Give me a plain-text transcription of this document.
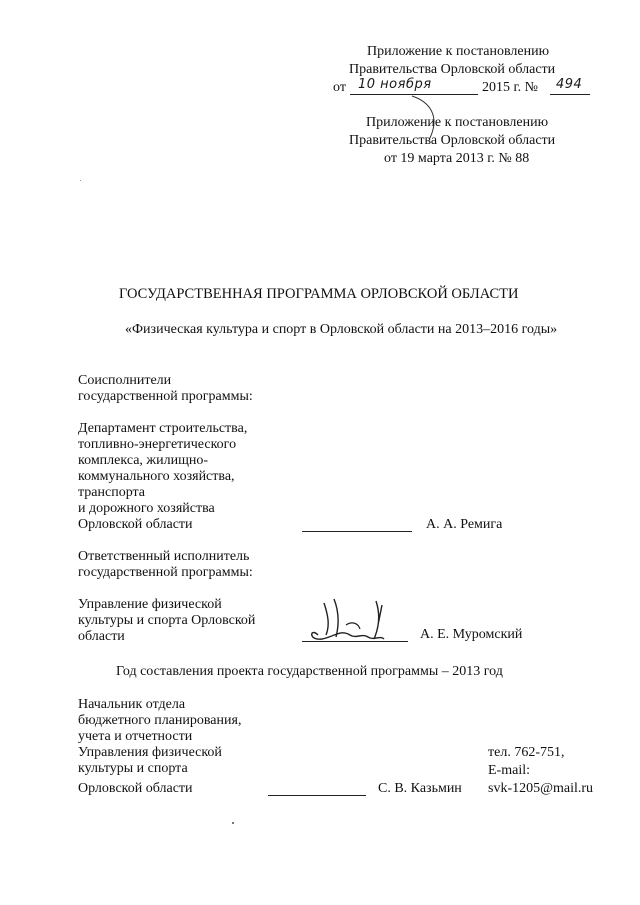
Приложение к постановлению
Правительства Орловской области
от 10 ноября	2015 г. № 494
Приложение к постановлению
Правительства Орловской области
от 19 марта 2013 г. № 88
ГОСУДАРСТВЕННАЯ ПРОГРАММА ОРЛОВСКОЙ ОБЛАСТИ
«Физическая культура и спорт в Орловской области на 2013–2016 годы»
Соисполнители
государственной программы:
Департамент строительства,
топливно-энергетического
комплекса, жилищно-
коммунального хозяйства,
транспорта
и дорожного хозяйства
Орловской области	А. А. Ремига
Ответственный исполнитель
государственной программы:
Управление физической
культуры и спорта Орловской
области	А. Е. Муромский
Год составления проекта государственной программы – 2013 год
Начальник отдела
бюджетного планирования,
учета и отчетности
Управления физической
культуры и спорта
Орловской области	С. В. Казьмин
тел. 762-751,
E-mail:
svk-1205@mail.ru
